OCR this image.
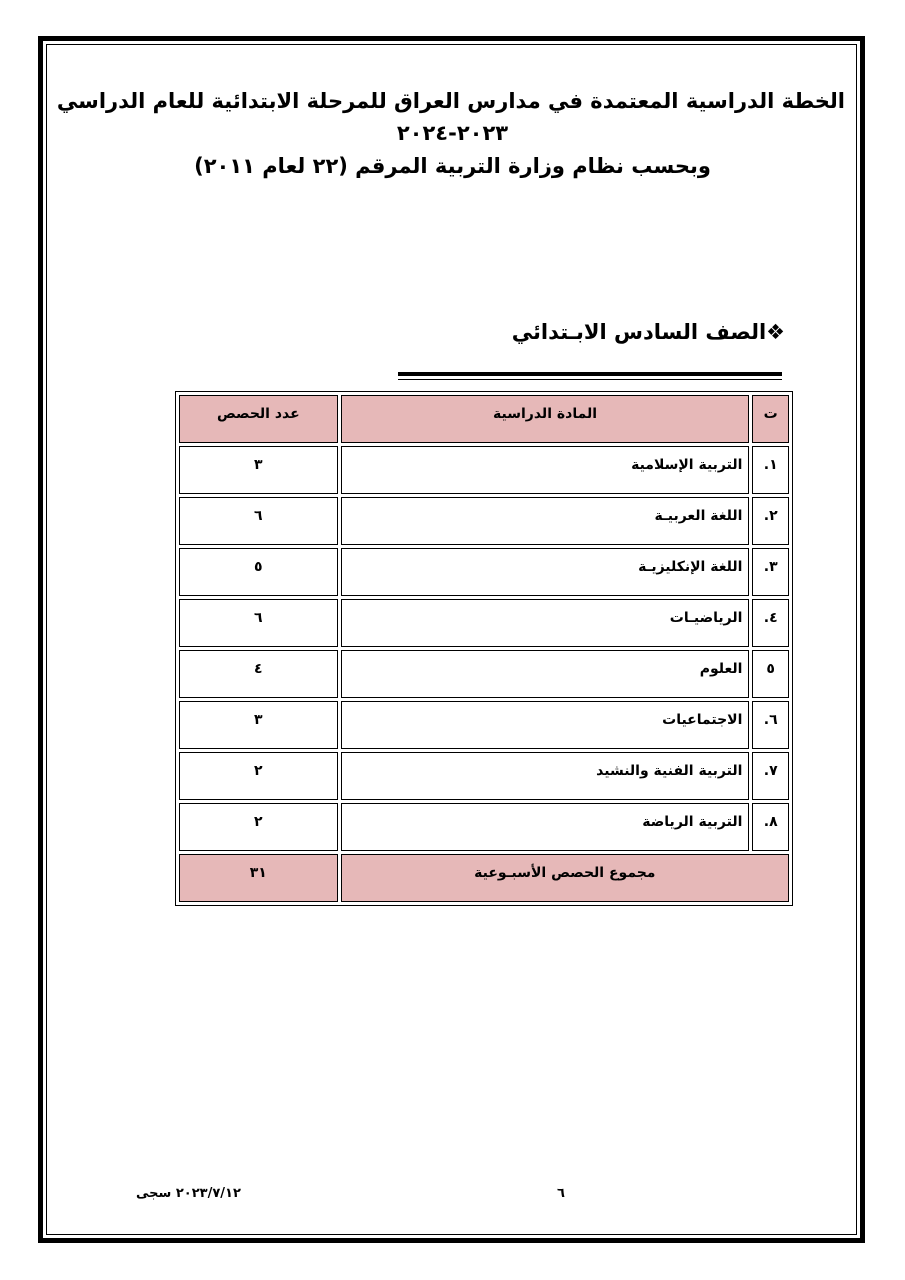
الخطة الدراسية المعتمدة في مدارس العراق للمرحلة الابتدائية للعام الدراسي
٢٠٢٣-٢٠٢٤
وبحسب نظام وزارة التربية المرقم (٢٢ لعام ٢٠١١)
❖الصف السادس الابـتدائي
ت	المادة الدراسية	عدد الحصص
١.	التربية الإسلامية	٣
٢.	اللغة العربيـة	٦
٣.	اللغة الإنكليزيـة	٥
٤.	الرياضيـات	٦
٥	العلوم	٤
٦.	الاجتماعيات	٣
٧.	التربية الفنية والنشيد	٢
٨.	التربية الرياضة	٢
مجموع الحصص الأسبـوعية		٣١
٢٠٢٣/٧/١٢ سجى	٦
